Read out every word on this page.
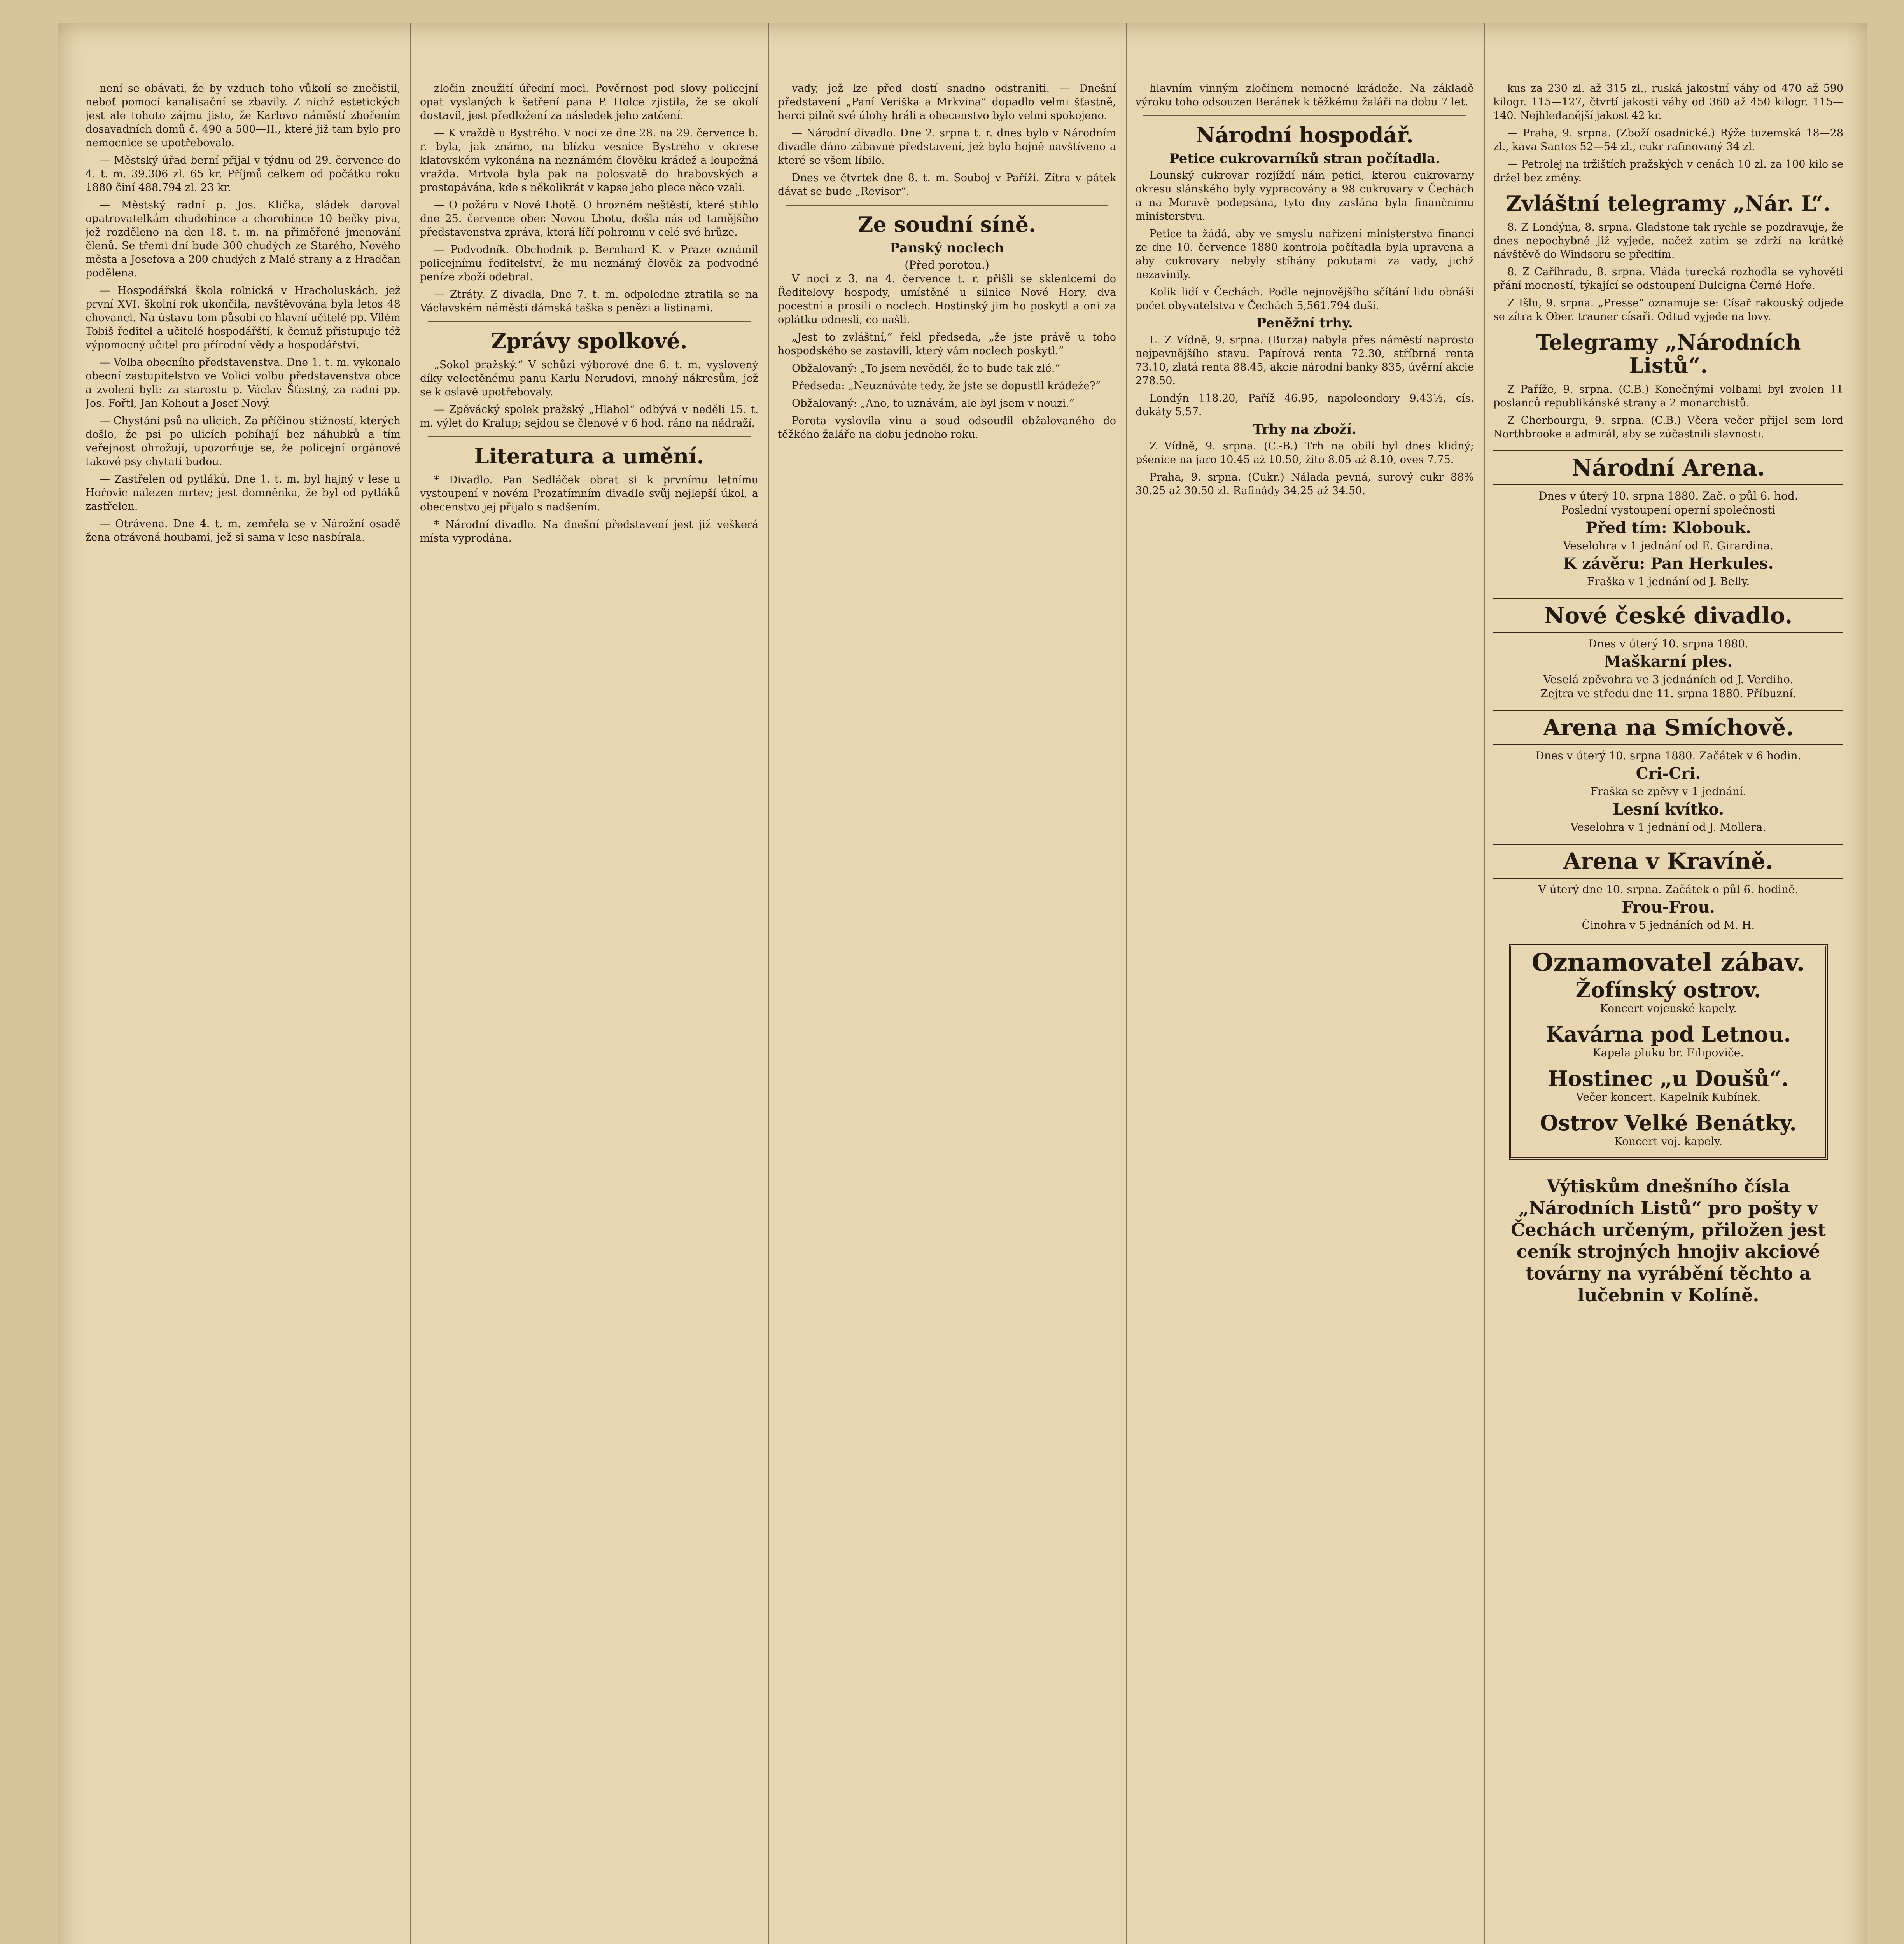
není se obávati, že by vzduch toho vůkolí se znečistil, neboť pomocí kanalisační se zbavily. Z nichž estetických jest ale tohoto zájmu jisto, že Karlovo náměstí zbořením dosavadních domů č. 490 a 500—II., které již tam bylo pro nemocnice se upotřebovalo.

— Městský úřad berní přijal v týdnu od 29. července do 4. t. m. 39.306 zl. 65 kr. Příjmů celkem od počátku roku 1880 činí 488.794 zl. 23 kr.

— Městský radní p. Jos. Klička, sládek daroval opatrovatelkám chudobince a chorobince 10 bečky piva, jež rozděleno na den 18. t. m. na přiměřené jmenování členů. Se třemi dní bude 300 chudých ze Starého, Nového města a Josefova a 200 chudých z Malé strany a z Hradčan podělena.

— Hospodářská škola rolnická v Hracholuskách, jež první XVI. školní rok ukončila, navštěvována byla letos 48 chovanci. Na ústavu tom působí co hlavní učitelé pp. Vilém Tobiš ředitel a učitelé hospodářští, k čemuž přistupuje též výpomocný učitel pro přírodní vědy a hospodářství.

— Volba obecního představenstva. Dne 1. t. m. vykonalo obecní zastupitelstvo ve Volici volbu představenstva obce a zvoleni byli: za starostu p. Václav Šťastný, za radní pp. Jos. Fořtl, Jan Kohout a Josef Nový.

— Chystání psů na ulicích. Za příčinou stížností, kterých došlo, že psi po ulicích pobíhají bez náhubků a tím veřejnost ohrožují, upozorňuje se, že policejní orgánové takové psy chytati budou.

— Zastřelen od pytláků. Dne 1. t. m. byl hajný v lese u Hořovic nalezen mrtev; jest domněnka, že byl od pytláků zastřelen.

— Otrávena. Dne 4. t. m. zemřela se v Nárožní osadě žena otrávená houbami, jež si sama v lese nasbírala.

zločin zneužití úřední moci. Pověrnost pod slovy policejní opat vyslaných k šetření pana P. Holce zjistila, že se okolí dostavil, jest předložení za následek jeho zatčení.

— K vraždě u Bystrého. V noci ze dne 28. na 29. července b. r. byla, jak známo, na blízku vesnice Bystrého v okrese klatovském vykonána na neznámém člověku krádež a loupežná vražda. Mrtvola byla pak na polosvatě do hrabovských a prostopávána, kde s několikrát v kapse jeho plece něco vzali.

— O požáru v Nové Lhotě. O hrozném neštěstí, které stihlo dne 25. července obec Novou Lhotu, došla nás od tamějšího představenstva zpráva, která líčí pohromu v celé své hrůze.

— Podvodník. Obchodník p. Bernhard K. v Praze oznámil policejnímu ředitelství, že mu neznámý člověk za podvodné peníze zboží odebral.

— Ztráty. Z divadla, Dne 7. t. m. odpoledne ztratila se na Václavském náměstí dámská taška s penězi a listinami.

Zprávy spolkové.

„Sokol pražský.“ V schůzi výborové dne 6. t. m. vyslovený díky velectěnému panu Karlu Nerudovi, mnohý nákresům, jež se k oslavě upotřebovaly.

— Zpěvácký spolek pražský „Hlahol“ odbývá v neděli 15. t. m. výlet do Kralup; sejdou se členové v 6 hod. ráno na nádraží.

Literatura a umění.

* Divadlo. Pan Sedláček obrat si k prvnímu letnímu vystoupení v novém Prozatímním divadle svůj nejlepší úkol, a obecenstvo jej přijalo s nadšením.

* Národní divadlo. Na dnešní představení jest již veškerá místa vyprodána.

vady, jež lze před dostí snadno odstraniti. — Dnešní představení „Paní Veriška a Mrkvina“ dopadlo velmi šťastně, herci pilně své úlohy hráli a obecenstvo bylo velmi spokojeno.

— Národní divadlo. Dne 2. srpna t. r. dnes bylo v Národním divadle dáno zábavné představení, jež bylo hojně navštíveno a které se všem líbilo.

Dnes ve čtvrtek dne 8. t. m. Souboj v Paříži. Zítra v pátek dávat se bude „Revisor“.

Ze soudní síně.
Panský noclech
(Před porotou.)

V noci z 3. na 4. července t. r. přišli se sklenicemi do Ředitelovy hospody, umístěné u silnice Nové Hory, dva pocestní a prosili o noclech. Hostinský jim ho poskytl a oni za oplátku odnesli, co našli.

„Jest to zvláštní,“ řekl předseda, „že jste právě u toho hospodského se zastavili, který vám noclech poskytl.“

Obžalovaný: „To jsem nevěděl, že to bude tak zlé.“

Předseda: „Neuznáváte tedy, že jste se dopustil krádeže?“

Obžalovaný: „Ano, to uznávám, ale byl jsem v nouzi.“

Porota vyslovila vinu a soud odsoudil obžalovaného do těžkého žaláře na dobu jednoho roku.

hlavním vinným zločinem nemocné krádeže. Na základě výroku toho odsouzen Beránek k těžkému žaláři na dobu 7 let.

Národní hospodář.
Petice cukrovarníků stran počítadla.

Lounský cukrovar rozjíždí nám petici, kterou cukrovarny okresu slánského byly vypracovány a 98 cukrovary v Čechách a na Moravě podepsána, tyto dny zaslána byla finančnímu ministerstvu.

Petice ta žádá, aby ve smyslu nařízení ministerstva financí ze dne 10. července 1880 kontrola počítadla byla upravena a aby cukrovary nebyly stíhány pokutami za vady, jichž nezavinily.

Kolik lidí v Čechách. Podle nejnovějšího sčítání lidu obnáší počet obyvatelstva v Čechách 5,561.794 duší.

Peněžní trhy.

L. Z Vídně, 9. srpna. (Burza) nabyla přes náměstí naprosto nejpevnějšího stavu. Papírová renta 72.30, stříbrná renta 73.10, zlatá renta 88.45, akcie národní banky 835, úvěrní akcie 278.50.

Londýn 118.20, Paříž 46.95, napoleondory 9.43½, cís. dukáty 5.57.

Trhy na zboží.

Z Vídně, 9. srpna. (C.-B.) Trh na obilí byl dnes klidný; pšenice na jaro 10.45 až 10.50, žito 8.05 až 8.10, oves 7.75.

Praha, 9. srpna. (Cukr.) Nálada pevná, surový cukr 88% 30.25 až 30.50 zl. Rafinády 34.25 až 34.50.

kus za 230 zl. až 315 zl., ruská jakostní váhy od 470 až 590 kilogr. 115—127, čtvrtí jakosti váhy od 360 až 450 kilogr. 115—140. Nejhledanější jakost 42 kr.

— Praha, 9. srpna. (Zboží osadnické.) Rýže tuzemská 18—28 zl., káva Santos 52—54 zl., cukr rafinovaný 34 zl.

— Petrolej na tržištích pražských v cenách 10 zl. za 100 kilo se držel bez změny.

Zvláštní telegramy „Nár. L“.

8. Z Londýna, 8. srpna. Gladstone tak rychle se pozdravuje, že dnes nepochybně již vyjede, načež zatím se zdrží na krátké návštěvě do Windsoru se předtím.

8. Z Cařihradu, 8. srpna. Vláda turecká rozhodla se vyhověti přání mocností, týkající se odstoupení Dulcigna Černé Hoře.

Z Išlu, 9. srpna. „Presse“ oznamuje se: Císař rakouský odjede se zítra k Ober. trauner císaři. Odtud vyjede na lovy.

Telegramy „Národních Listů“.

Z Paříže, 9. srpna. (C.B.) Konečnými volbami byl zvolen 11 poslanců republikánské strany a 2 monarchistů.

Z Cherbourgu, 9. srpna. (C.B.) Včera večer přijel sem lord Northbrooke a admirál, aby se zúčastnili slavnosti.

Národní Arena.
Dnes v úterý 10. srpna 1880. Zač. o půl 6. hod.
Poslední vystoupení operní společnosti
Před tím: Klobouk.
Veselohra v 1 jednání od E. Girardina.
K závěru: Pan Herkules.
Fraška v 1 jednání od J. Belly.
Nové české divadlo.
Dnes v úterý 10. srpna 1880.
Maškarní ples.
Veselá zpěvohra ve 3 jednáních od J. Verdiho.
Zejtra ve středu dne 11. srpna 1880. Příbuzní.
Arena na Smíchově.
Dnes v úterý 10. srpna 1880. Začátek v 6 hodin.
Cri-Cri.
Fraška se zpěvy v 1 jednání.
Lesní kvítko.
Veselohra v 1 jednání od J. Mollera.
Arena v Kravíně.
V úterý dne 10. srpna. Začátek o půl 6. hodině.
Frou-Frou.
Činohra v 5 jednáních od M. H.
Oznamovatel zábav.
Žofínský ostrov.
Koncert vojenské kapely.
Kavárna pod Letnou.
Kapela pluku br. Filipoviče.
Hostinec „u Doušů“.
Večer koncert. Kapelník Kubínek.
Ostrov Velké Benátky.
Koncert voj. kapely.
Výtiskům dnešního čísla „Národních Listů“ pro pošty v Čechách určeným, přiložen jest ceník strojných hnojiv akciové továrny na vyrábění těchto a lučebnin v Kolíně.
